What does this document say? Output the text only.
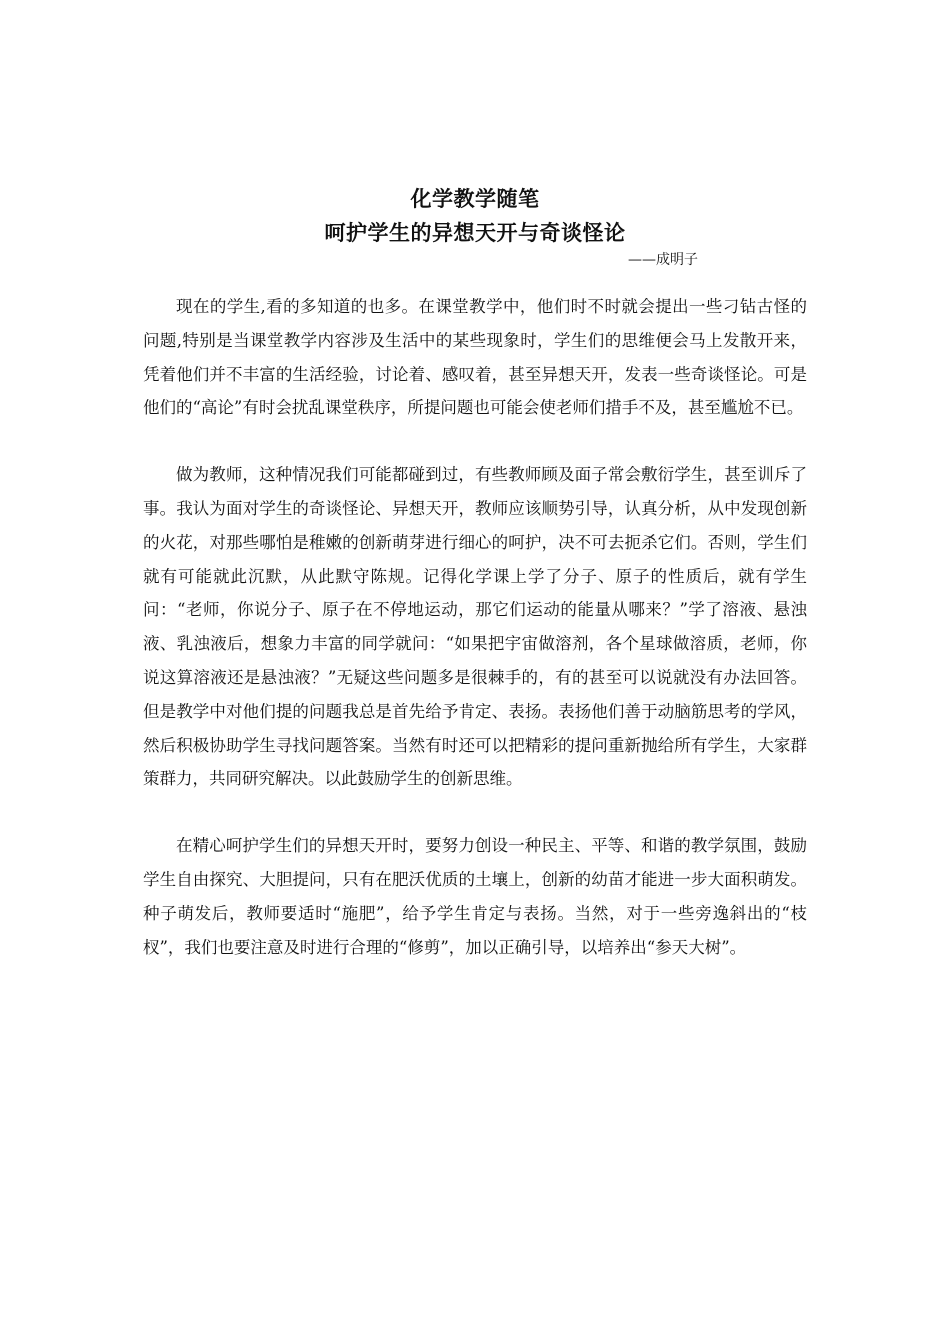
化学教学随笔
呵护学生的异想天开与奇谈怪论
——成明子

现在的学生,看的多知道的也多。在课堂教学中，他们时不时就会提出一些刁钻古怪的问题,特别是当课堂教学内容涉及生活中的某些现象时，学生们的思维便会马上发散开来，凭着他们并不丰富的生活经验，讨论着、感叹着，甚至异想天开，发表一些奇谈怪论。可是他们的“高论”有时会扰乱课堂秩序，所提问题也可能会使老师们措手不及，甚至尴尬不已。

做为教师，这种情况我们可能都碰到过，有些教师顾及面子常会敷衍学生，甚至训斥了事。我认为面对学生的奇谈怪论、异想天开，教师应该顺势引导，认真分析，从中发现创新的火花，对那些哪怕是稚嫩的创新萌芽进行细心的呵护，决不可去扼杀它们。否则，学生们就有可能就此沉默，从此默守陈规。记得化学课上学了分子、原子的性质后，就有学生问：“老师，你说分子、原子在不停地运动，那它们运动的能量从哪来？”学了溶液、悬浊液、乳浊液后，想象力丰富的同学就问：“如果把宇宙做溶剂，各个星球做溶质，老师，你说这算溶液还是悬浊液？”无疑这些问题多是很棘手的，有的甚至可以说就没有办法回答。但是教学中对他们提的问题我总是首先给予肯定、表扬。表扬他们善于动脑筋思考的学风，然后积极协助学生寻找问题答案。当然有时还可以把精彩的提问重新抛给所有学生，大家群策群力，共同研究解决。以此鼓励学生的创新思维。

在精心呵护学生们的异想天开时，要努力创设一种民主、平等、和谐的教学氛围，鼓励学生自由探究、大胆提问，只有在肥沃优质的土壤上，创新的幼苗才能进一步大面积萌发。种子萌发后，教师要适时“施肥”，给予学生肯定与表扬。当然，对于一些旁逸斜出的“枝杈”，我们也要注意及时进行合理的“修剪”，加以正确引导，以培养出“参天大树”。
